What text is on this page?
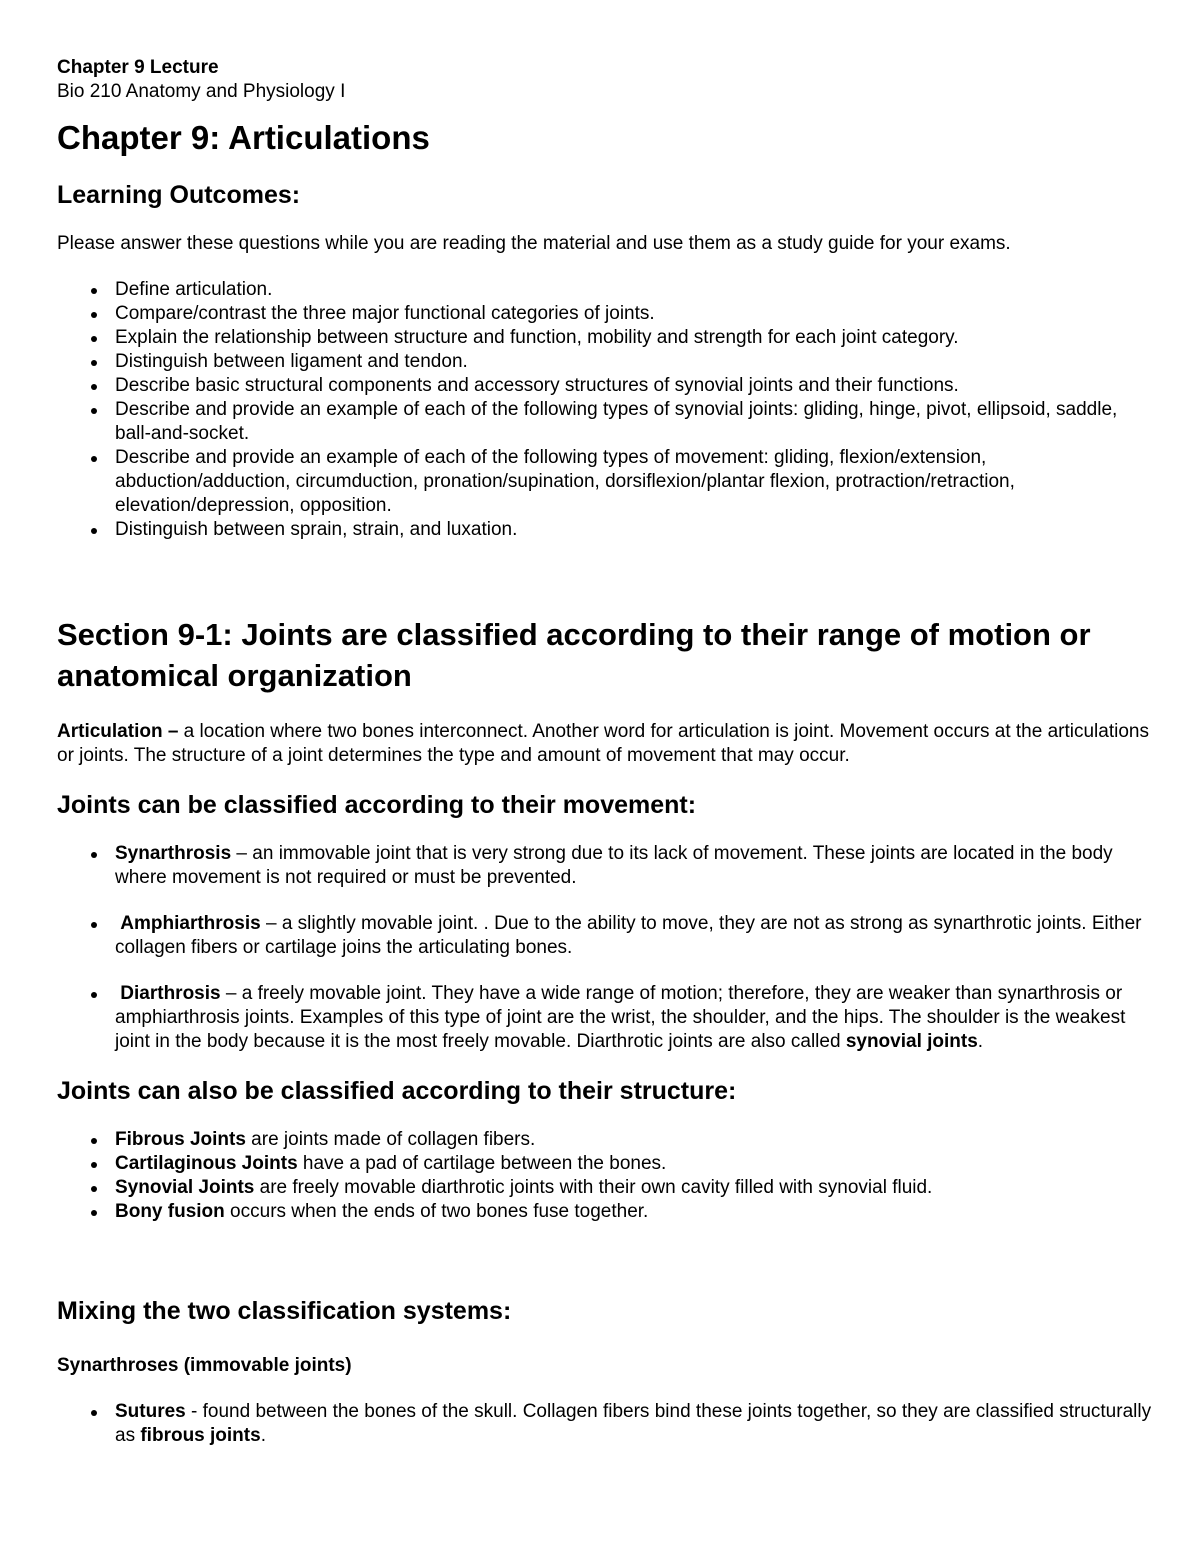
Chapter 9 Lecture
Bio 210 Anatomy and Physiology I
Chapter 9: Articulations
Learning Outcomes:

Please answer these questions while you are reading the material and use them as a study guide for your exams.

Define articulation.
Compare/contrast the three major functional categories of joints.
Explain the relationship between structure and function, mobility and strength for each joint category.
Distinguish between ligament and tendon.
Describe basic structural components and accessory structures of synovial joints and their functions.
Describe and provide an example of each of the following types of synovial joints: gliding, hinge, pivot, ellipsoid, saddle, ball-and-socket.
Describe and provide an example of each of the following types of movement: gliding, flexion/extension, abduction/adduction, circumduction, pronation/supination, dorsiflexion/plantar flexion, protraction/retraction, elevation/depression, opposition.
Distinguish between sprain, strain, and luxation.
Section 9-1: Joints are classified according to their range of motion or anatomical organization

Articulation – a location where two bones interconnect. Another word for articulation is joint. Movement occurs at the articulations or joints. The structure of a joint determines the type and amount of movement that may occur.

Joints can be classified according to their movement:
Synarthrosis – an immovable joint that is very strong due to its lack of movement. These joints are located in the body where movement is not required or must be prevented.
Amphiarthrosis – a slightly movable joint. . Due to the ability to move, they are not as strong as synarthrotic joints. Either collagen fibers or cartilage joins the articulating bones.
Diarthrosis – a freely movable joint. They have a wide range of motion; therefore, they are weaker than synarthrosis or amphiarthrosis joints. Examples of this type of joint are the wrist, the shoulder, and the hips. The shoulder is the weakest joint in the body because it is the most freely movable. Diarthrotic joints are also called synovial joints.
Joints can also be classified according to their structure:
Fibrous Joints are joints made of collagen fibers.
Cartilaginous Joints have a pad of cartilage between the bones.
Synovial Joints are freely movable diarthrotic joints with their own cavity filled with synovial fluid.
Bony fusion occurs when the ends of two bones fuse together.
Mixing the two classification systems:
Synarthroses (immovable joints)
Sutures - found between the bones of the skull. Collagen fibers bind these joints together, so they are classified structurally as fibrous joints.
